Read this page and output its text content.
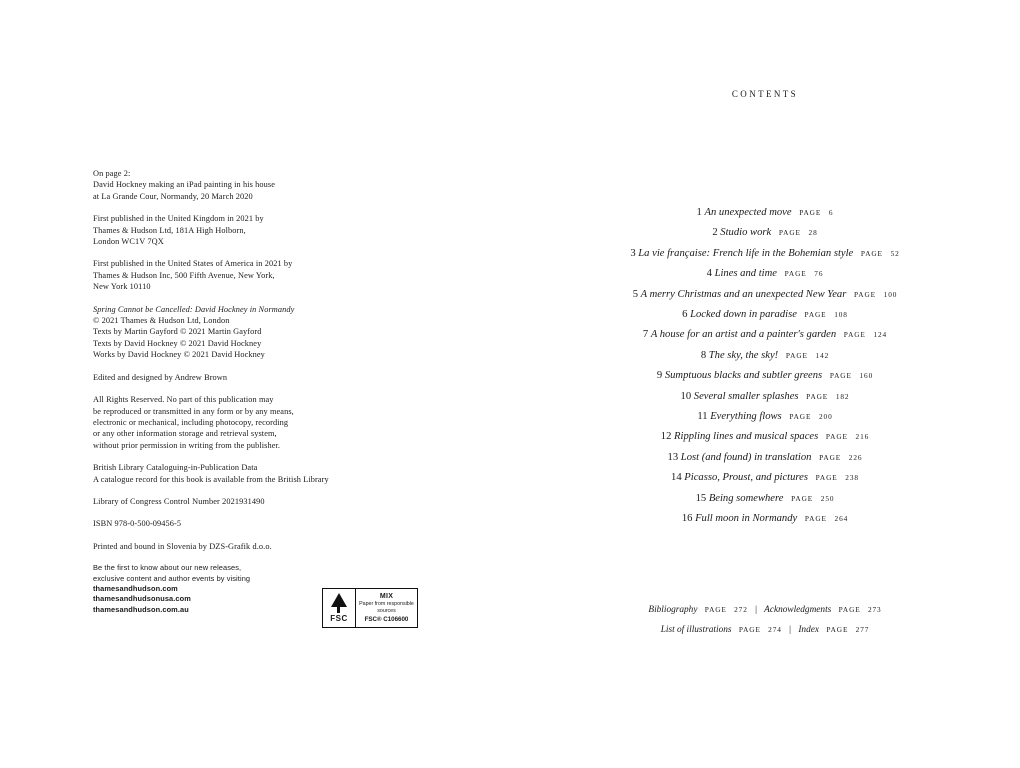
On page 2:
David Hockney making an iPad painting in his house
at La Grande Cour, Normandy, 20 March 2020

First published in the United Kingdom in 2021 by
Thames & Hudson Ltd, 181A High Holborn,
London WC1V 7QX

First published in the United States of America in 2021 by
Thames & Hudson Inc, 500 Fifth Avenue, New York,
New York 10110

Spring Cannot be Cancelled: David Hockney in Normandy
© 2021 Thames & Hudson Ltd, London
Texts by Martin Gayford © 2021 Martin Gayford
Texts by David Hockney © 2021 David Hockney
Works by David Hockney © 2021 David Hockney

Edited and designed by Andrew Brown

All Rights Reserved. No part of this publication may
be reproduced or transmitted in any form or by any means,
electronic or mechanical, including photocopy, recording
or any other information storage and retrieval system,
without prior permission in writing from the publisher.

British Library Cataloguing-in-Publication Data
A catalogue record for this book is available from the British Library

Library of Congress Control Number 2021931490

ISBN 978-0-500-09456-5

Printed and bound in Slovenia by DZS-Grafik d.o.o.

Be the first to know about our new releases,
exclusive content and author events by visiting
thamesandhudson.com
thamesandhudsonusa.com
thamesandhudson.com.au

FSC
MIX
Paper from responsible sources
FSC® C106600
CONTENTS
1 An unexpected move PAGE 6
2 Studio work PAGE 28
3 La vie française: French life in the Bohemian style PAGE 52
4 Lines and time PAGE 76
5 A merry Christmas and an unexpected New Year PAGE 100
6 Locked down in paradise PAGE 108
7 A house for an artist and a painter's garden PAGE 124
8 The sky, the sky! PAGE 142
9 Sumptuous blacks and subtler greens PAGE 160
10 Several smaller splashes PAGE 182
11 Everything flows PAGE 200
12 Rippling lines and musical spaces PAGE 216
13 Lost (and found) in translation PAGE 226
14 Picasso, Proust, and pictures PAGE 238
15 Being somewhere PAGE 250
16 Full moon in Normandy PAGE 264
Bibliography PAGE 272 | Acknowledgments PAGE 273
List of illustrations PAGE 274 | Index PAGE 277
